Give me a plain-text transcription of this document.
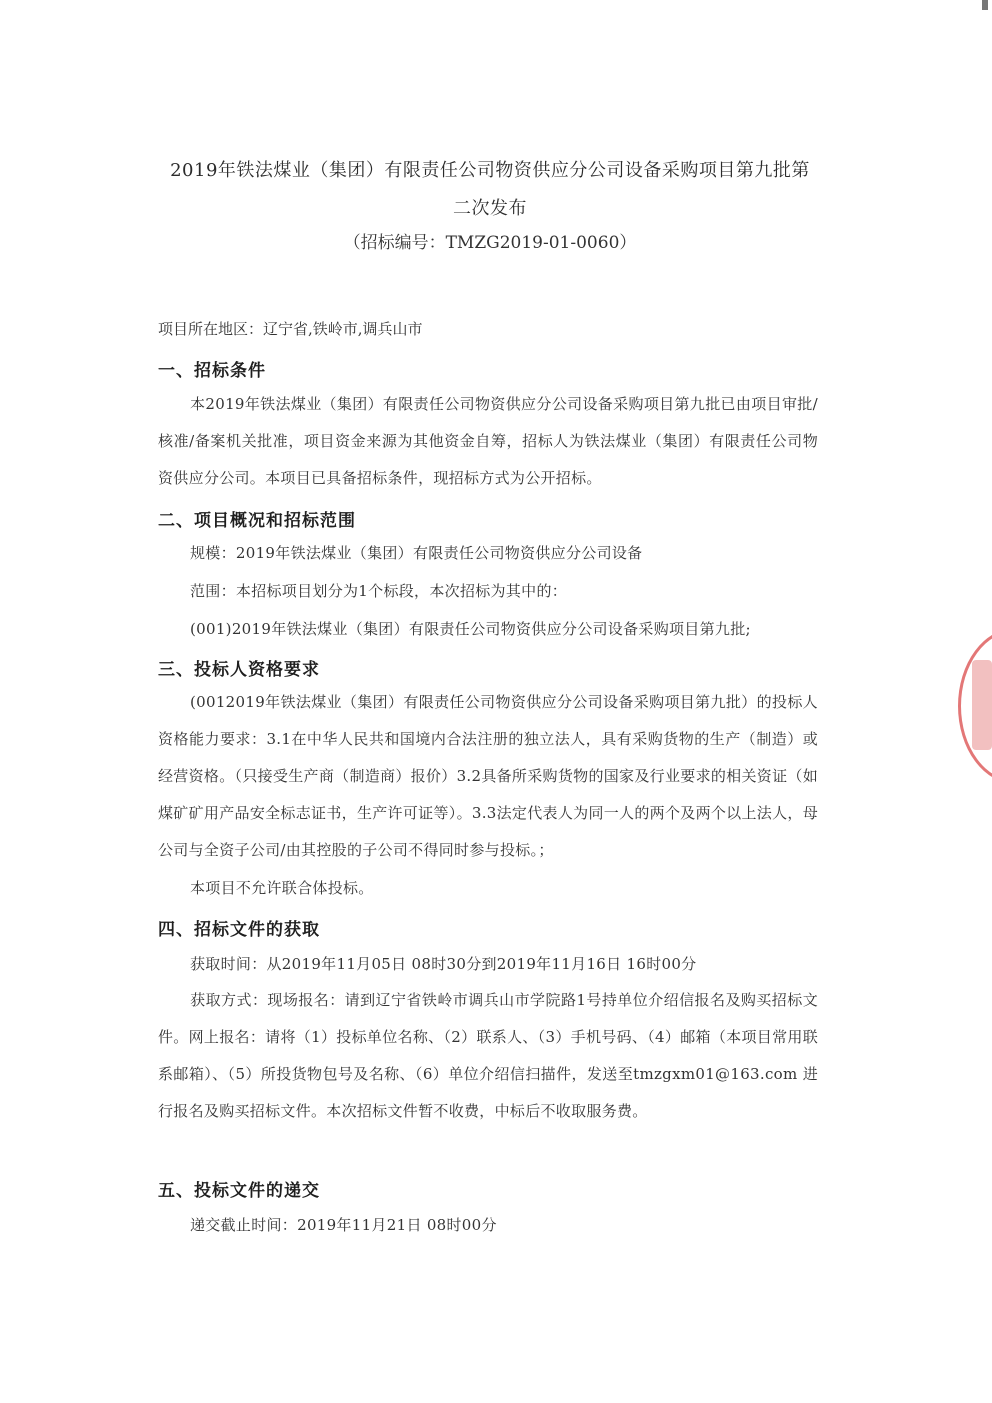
2019年铁法煤业（集团）有限责任公司物资供应分公司设备采购项目第九批第
二次发布
（招标编号：TMZG2019-01-0060）
项目所在地区：辽宁省,铁岭市,调兵山市
一、招标条件
本2019年铁法煤业（集团）有限责任公司物资供应分公司设备采购项目第九批已由项目审批/核准/备案机关批准，项目资金来源为其他资金自筹，招标人为铁法煤业（集团）有限责任公司物资供应分公司。本项目已具备招标条件，现招标方式为公开招标。
二、项目概况和招标范围
规模：2019年铁法煤业（集团）有限责任公司物资供应分公司设备
范围：本招标项目划分为1个标段，本次招标为其中的：
(001)2019年铁法煤业（集团）有限责任公司物资供应分公司设备采购项目第九批;
三、投标人资格要求
(0012019年铁法煤业（集团）有限责任公司物资供应分公司设备采购项目第九批）的投标人资格能力要求：3.1在中华人民共和国境内合法注册的独立法人，具有采购货物的生产（制造）或经营资格。（只接受生产商（制造商）报价）3.2具备所采购货物的国家及行业要求的相关资证（如煤矿矿用产品安全标志证书，生产许可证等）。3.3法定代表人为同一人的两个及两个以上法人，母公司与全资子公司/由其控股的子公司不得同时参与投标。；
本项目不允许联合体投标。
四、招标文件的获取
获取时间：从2019年11月05日 08时30分到2019年11月16日 16时00分
获取方式：现场报名：请到辽宁省铁岭市调兵山市学院路1号持单位介绍信报名及购买招标文件。网上报名：请将（1）投标单位名称、（2）联系人、（3）手机号码、（4）邮箱（本项目常用联系邮箱）、（5）所投货物包号及名称、（6）单位介绍信扫描件，发送至tmzgxm01@163.com 进行报名及购买招标文件。本次招标文件暂不收费，中标后不收取服务费。
五、投标文件的递交
递交截止时间：2019年11月21日 08时00分
